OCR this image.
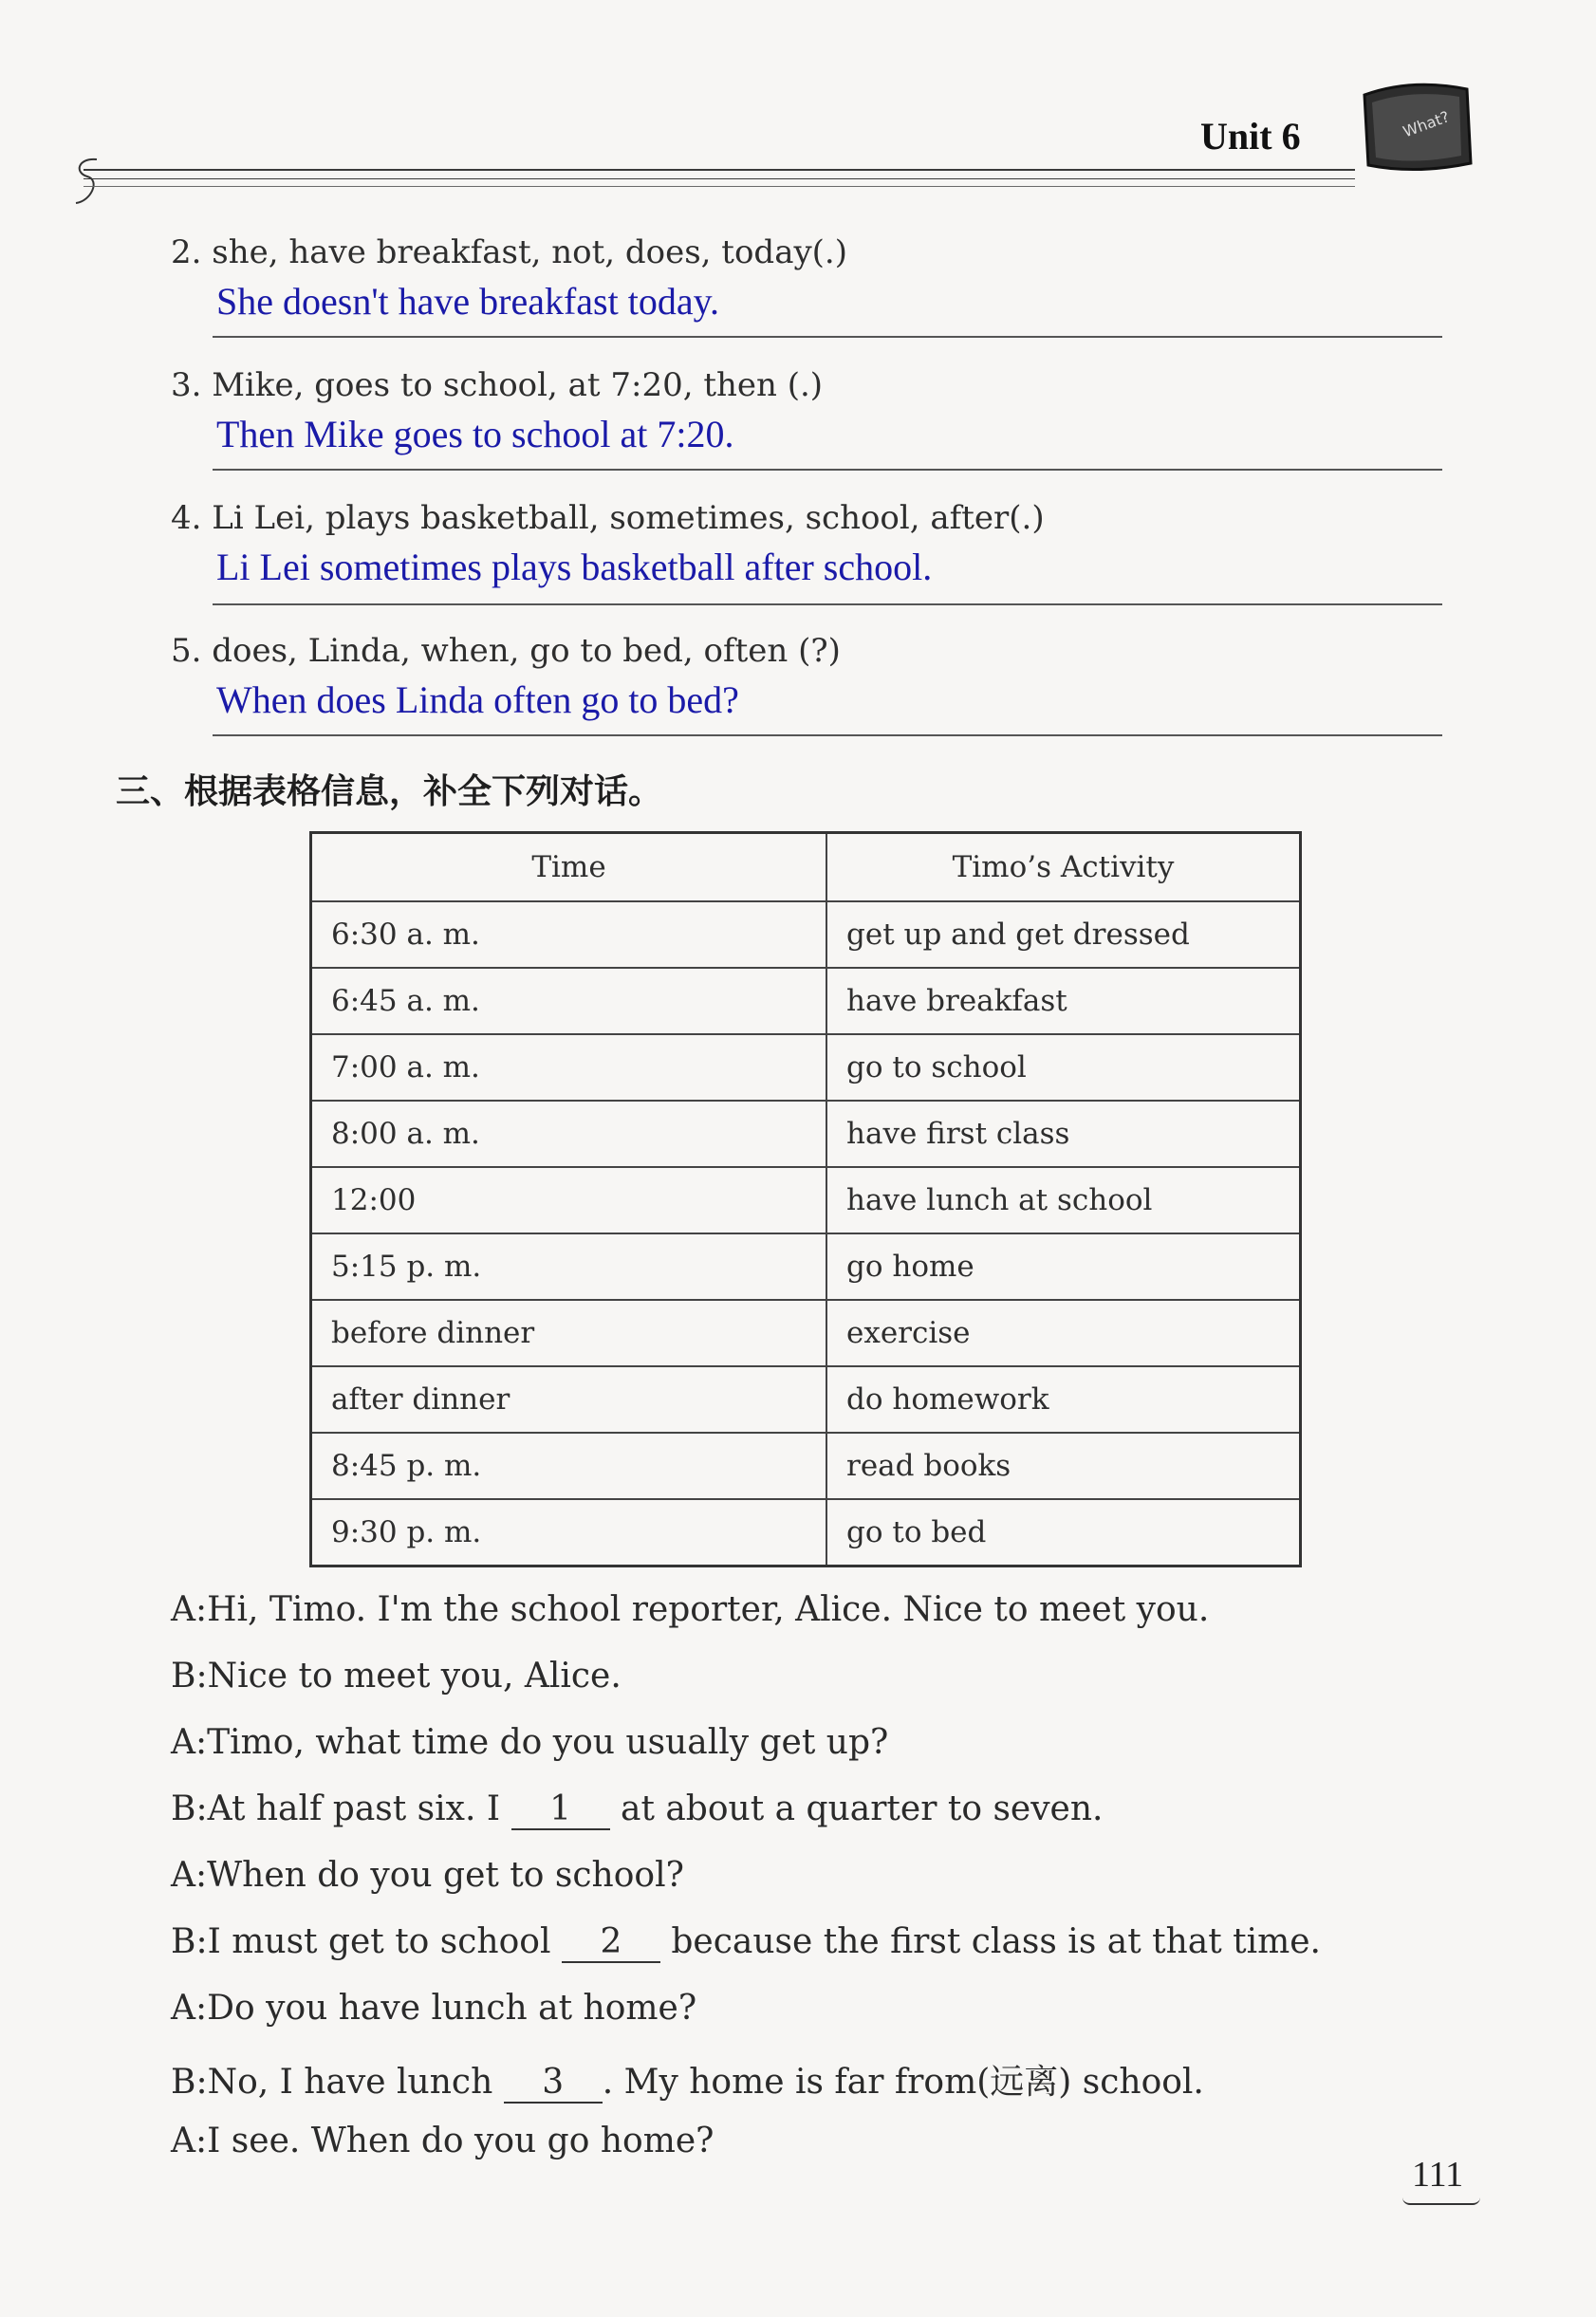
Unit 6	What?
2. she, have breakfast, not, does, today(.)
She doesn't have breakfast today.
3. Mike, goes to school, at 7:20, then (.)
Then Mike goes to school at 7:20.
4. Li Lei, plays basketball, sometimes, school, after(.)
Li Lei sometimes plays basketball after school.
5. does, Linda, when, go to bed, often (?)
When does Linda often go to bed?
三、根据表格信息，补全下列对话。
Time	Timo’s Activity
6:30 a. m.	get up and get dressed
6:45 a. m.	have breakfast
7:00 a. m.	go to school
8:00 a. m.	have first class
12:00	have lunch at school
5:15 p. m.	go home
before dinner	exercise
after dinner	do homework
8:45 p. m.	read books
9:30 p. m.	go to bed
A:Hi, Timo. I'm the school reporter, Alice. Nice to meet you.
B:Nice to meet you, Alice.
A:Timo, what time do you usually get up?
B:At half past six. I 1 at about a quarter to seven.
A:When do you get to school?
B:I must get to school 2 because the first class is at that time.
A:Do you have lunch at home?
B:No, I have lunch 3 . My home is far from(远离) school.
A:I see. When do you go home?
111
